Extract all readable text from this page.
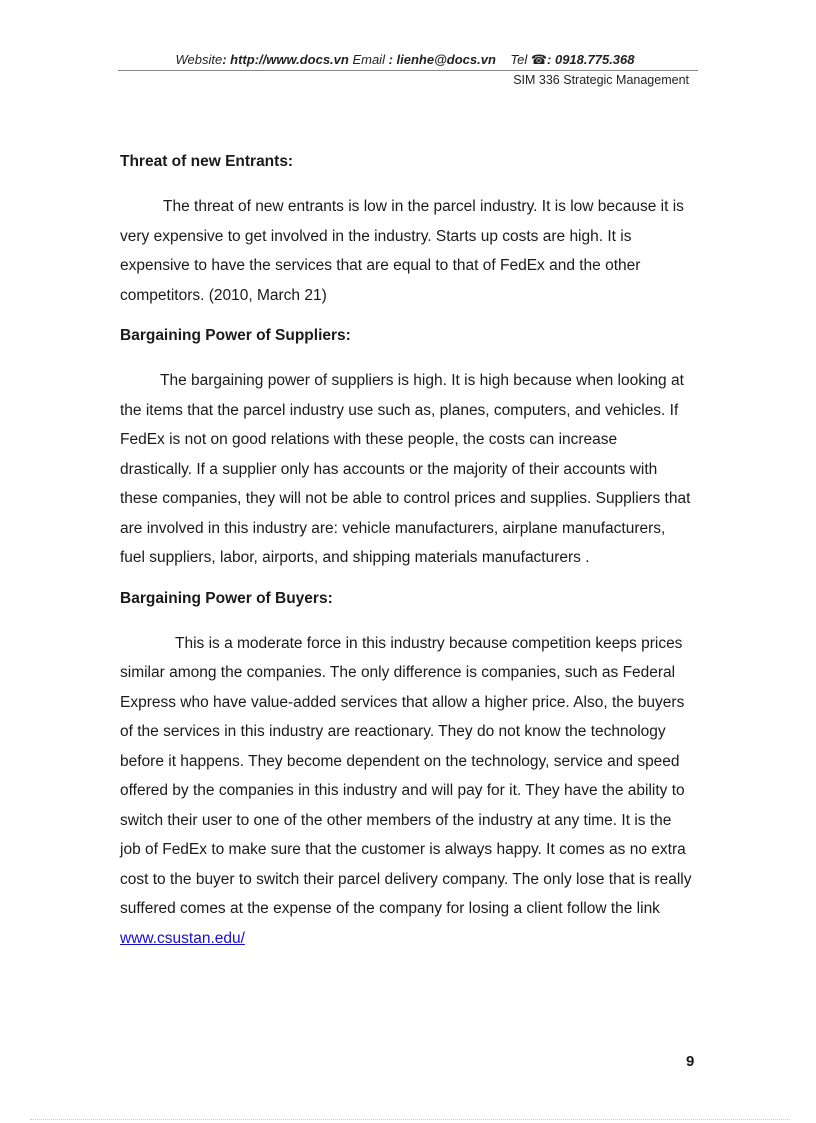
Website: http://www.docs.vn Email : lienhe@docs.vn Tel ☎: 0918.775.368
SIM 336 Strategic Management
Threat of new Entrants:

The threat of new entrants is low in the parcel industry. It is low because it is very expensive to get involved in the industry. Starts up costs are high. It is expensive to have the services that are equal to that of FedEx and the other competitors. (2010, March 21)

Bargaining Power of Suppliers:

The bargaining power of suppliers is high. It is high because when looking at the items that the parcel industry use such as, planes, computers, and vehicles. If FedEx is not on good relations with these people, the costs can increase drastically. If a supplier only has accounts or the majority of their accounts with these companies, they will not be able to control prices and supplies. Suppliers that are involved in this industry are: vehicle manufacturers, airplane manufacturers, fuel suppliers, labor, airports, and shipping materials manufacturers .

Bargaining Power of Buyers:

This is a moderate force in this industry because competition keeps prices similar among the companies. The only difference is companies, such as Federal Express who have value-added services that allow a higher price. Also, the buyers of the services in this industry are reactionary. They do not know the technology before it happens. They become dependent on the technology, service and speed offered by the companies in this industry and will pay for it. They have the ability to switch their user to one of the other members of the industry at any time. It is the job of FedEx to make sure that the customer is always happy. It comes as no extra cost to the buyer to switch their parcel delivery company. The only lose that is really suffered comes at the expense of the company for losing a client follow the link www.csustan.edu/

9
